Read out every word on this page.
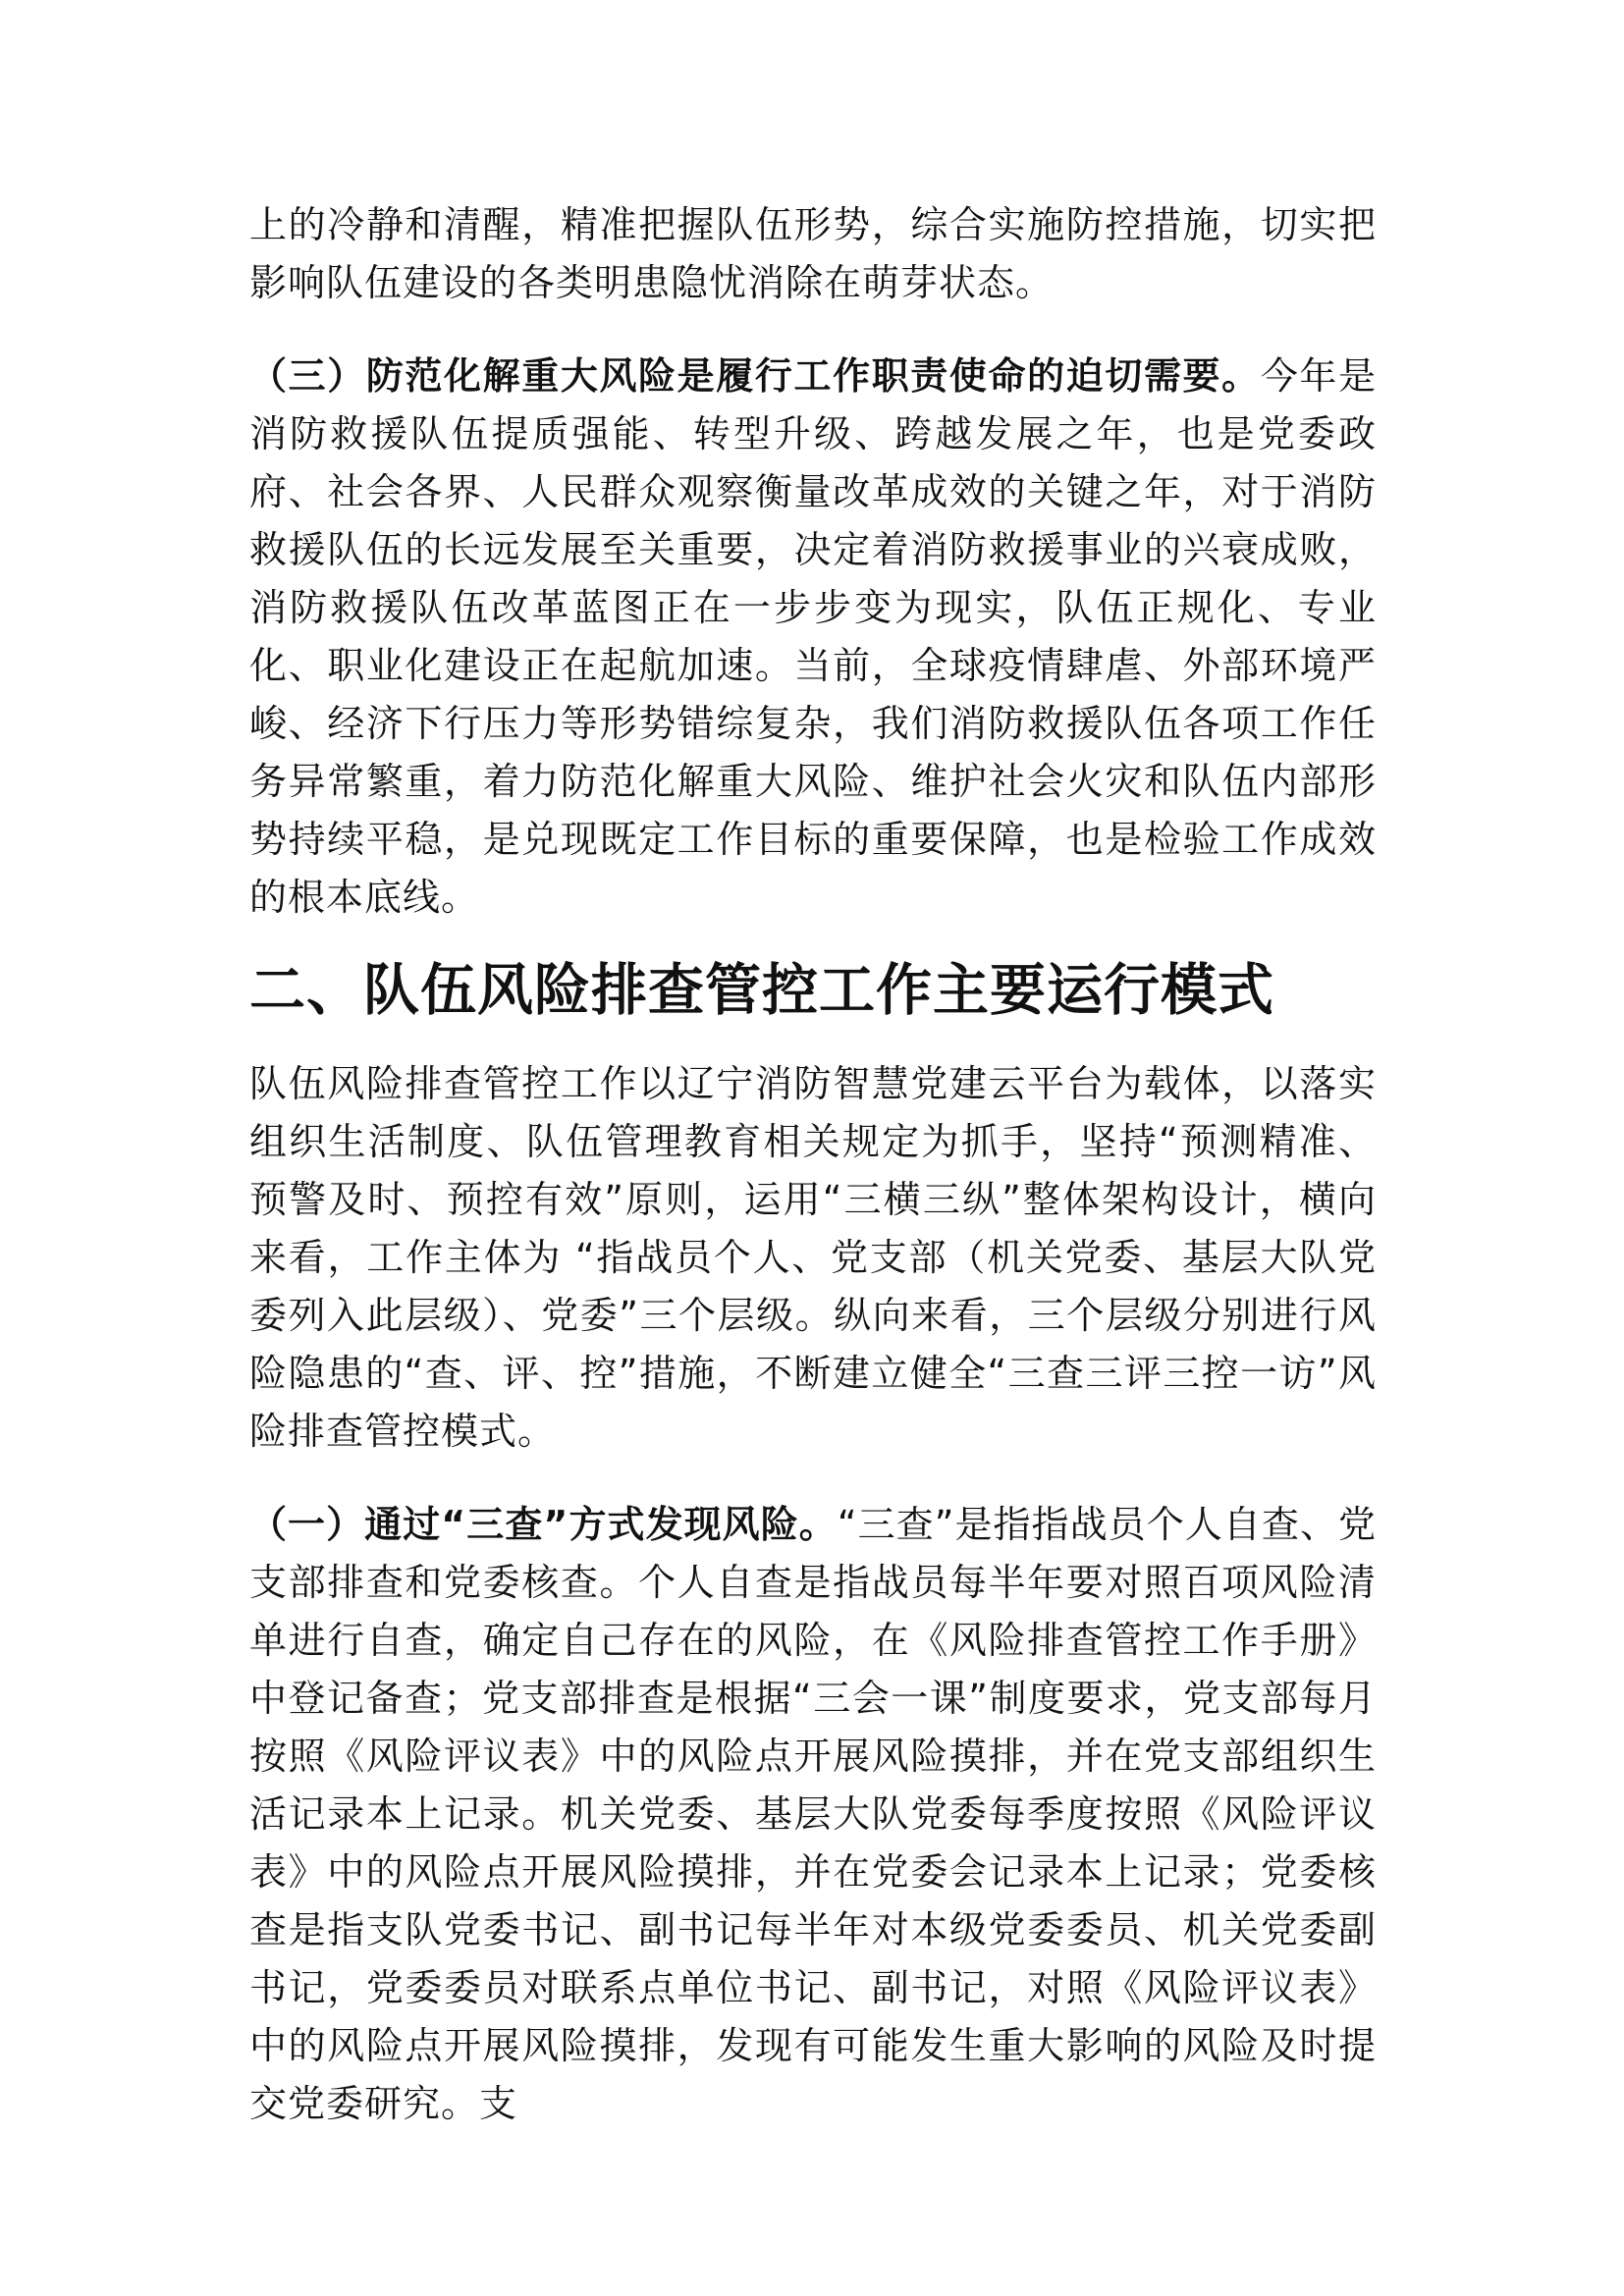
上的冷静和清醒，精准把握队伍形势，综合实施防控措施，切实把影响队伍建设的各类明患隐忧消除在萌芽状态。

（三）防范化解重大风险是履行工作职责使命的迫切需要。今年是消防救援队伍提质强能、转型升级、跨越发展之年，也是党委政府、社会各界、人民群众观察衡量改革成效的关键之年，对于消防救援队伍的长远发展至关重要，决定着消防救援事业的兴衰成败，消防救援队伍改革蓝图正在一步步变为现实，队伍正规化、专业化、职业化建设正在起航加速。当前，全球疫情肆虐、外部环境严峻、经济下行压力等形势错综复杂，我们消防救援队伍各项工作任务异常繁重，着力防范化解重大风险、维护社会火灾和队伍内部形势持续平稳，是兑现既定工作目标的重要保障，也是检验工作成效的根本底线。

二、队伍风险排查管控工作主要运行模式

队伍风险排查管控工作以辽宁消防智慧党建云平台为载体，以落实组织生活制度、队伍管理教育相关规定为抓手，坚持“预测精准、预警及时、预控有效”原则，运用“三横三纵”整体架构设计，横向来看，工作主体为 “指战员个人、党支部（机关党委、基层大队党委列入此层级）、党委”三个层级。纵向来看，三个层级分别进行风险隐患的“查、评、控”措施，不断建立健全“三查三评三控一访”风险排查管控模式。

（一）通过“三查”方式发现风险。“三查”是指指战员个人自查、党支部排查和党委核查。个人自查是指战员每半年要对照百项风险清单进行自查，确定自己存在的风险，在《风险排查管控工作手册》中登记备查；党支部排查是根据“三会一课”制度要求，党支部每月按照《风险评议表》中的风险点开展风险摸排，并在党支部组织生活记录本上记录。机关党委、基层大队党委每季度按照《风险评议表》中的风险点开展风险摸排，并在党委会记录本上记录；党委核查是指支队党委书记、副书记每半年对本级党委委员、机关党委副书记，党委委员对联系点单位书记、副书记，对照《风险评议表》中的风险点开展风险摸排，发现有可能发生重大影响的风险及时提交党委研究。支
